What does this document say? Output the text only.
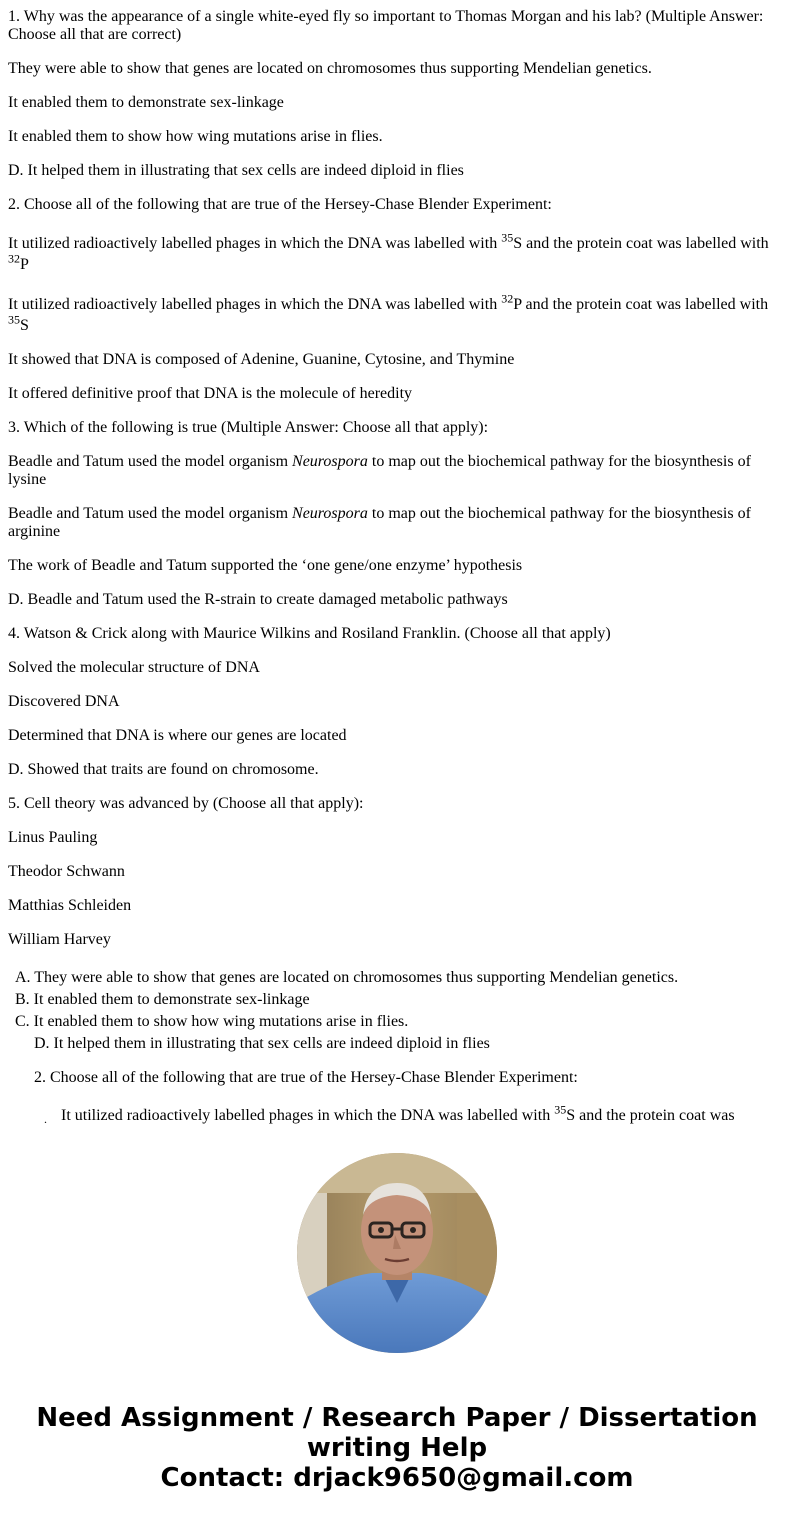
1. Why was the appearance of a single white-eyed fly so important to Thomas Morgan and his lab? (Multiple Answer: Choose all that are correct)

They were able to show that genes are located on chromosomes thus supporting Mendelian genetics.

It enabled them to demonstrate sex-linkage

It enabled them to show how wing mutations arise in flies.

D. It helped them in illustrating that sex cells are indeed diploid in flies

2. Choose all of the following that are true of the Hersey-Chase Blender Experiment:

It utilized radioactively labelled phages in which the DNA was labelled with $^{35}$S and the protein coat was labelled with $^{32}$P

It utilized radioactively labelled phages in which the DNA was labelled with $^{32}$P and the protein coat was labelled with $^{35}$S

It showed that DNA is composed of Adenine, Guanine, Cytosine, and Thymine

It offered definitive proof that DNA is the molecule of heredity

3. Which of the following is true (Multiple Answer: Choose all that apply):

Beadle and Tatum used the model organism Neurospora to map out the biochemical pathway for the biosynthesis of lysine

Beadle and Tatum used the model organism Neurospora to map out the biochemical pathway for the biosynthesis of arginine

The work of Beadle and Tatum supported the ‘one gene/one enzyme’ hypothesis

D. Beadle and Tatum used the R-strain to create damaged metabolic pathways

4. Watson & Crick along with Maurice Wilkins and Rosiland Franklin. (Choose all that apply)

Solved the molecular structure of DNA

Discovered DNA

Determined that DNA is where our genes are located

D. Showed that traits are found on chromosome.

5. Cell theory was advanced by (Choose all that apply):

Linus Pauling

Theodor Schwann

Matthias Schleiden

William Harvey

A. They were able to show that genes are located on chromosomes thus supporting Mendelian genetics.
B. It enabled them to demonstrate sex-linkage
C. It enabled them to show how wing mutations arise in flies.
D. It helped them in illustrating that sex cells are indeed diploid in flies
2. Choose all of the following that are true of the Hersey-Chase Blender Experiment:
. It utilized radioactively labelled phages in which the DNA was labelled with $^{35}$S and the protein coat was
Need Assignment / Research Paper / Dissertation
writing Help
Contact: drjack9650@gmail.com
